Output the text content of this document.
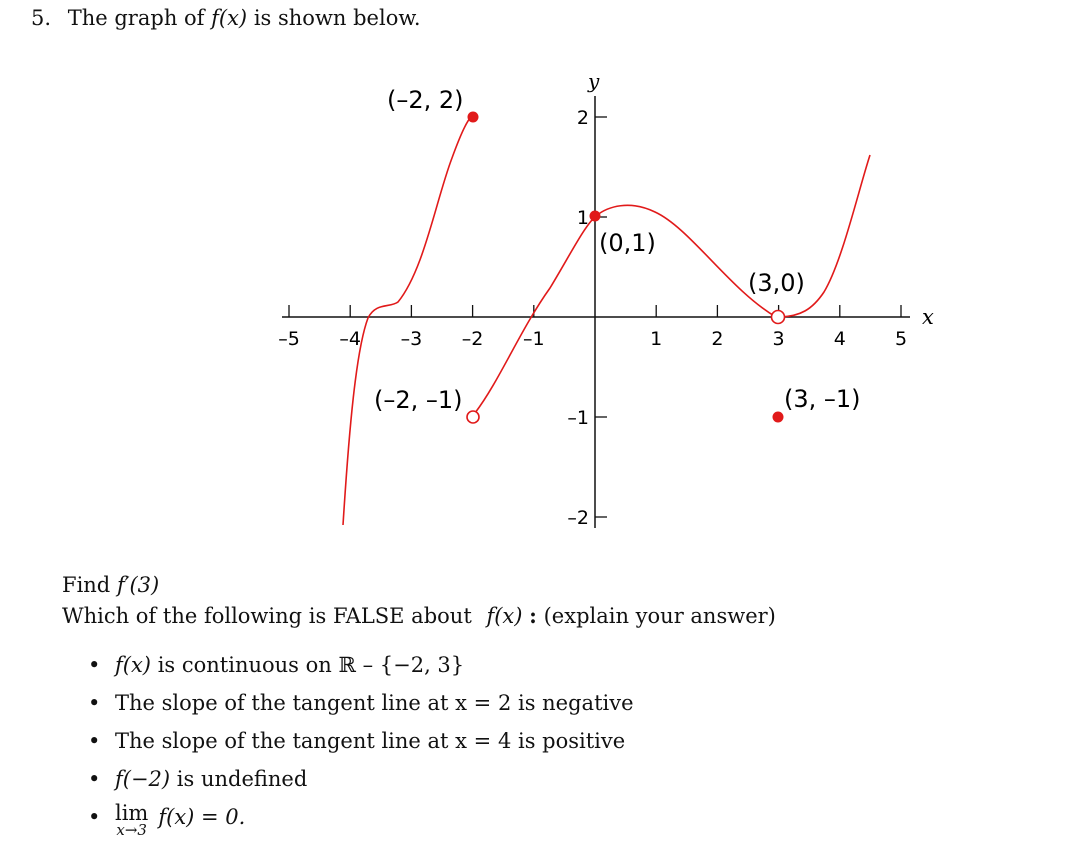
5. The graph of f(x) is shown below.
–5 –4 –3 –2 –1	1	2	3	4	5
2
1
–1
–2
x
y
(–2, 2)
(–2, –1)
(0,1)
(3,0)
(3, –1)
Find f′(3)
Which of the following is FALSE about f(x) : (explain your answer)
• f(x) is continuous on ℝ – {−2, 3}
• The slope of the tangent line at x = 2 is negative
• The slope of the tangent line at x = 4 is positive
• f(−2) is undefined
• lim
x→3
f(x) = 0.
